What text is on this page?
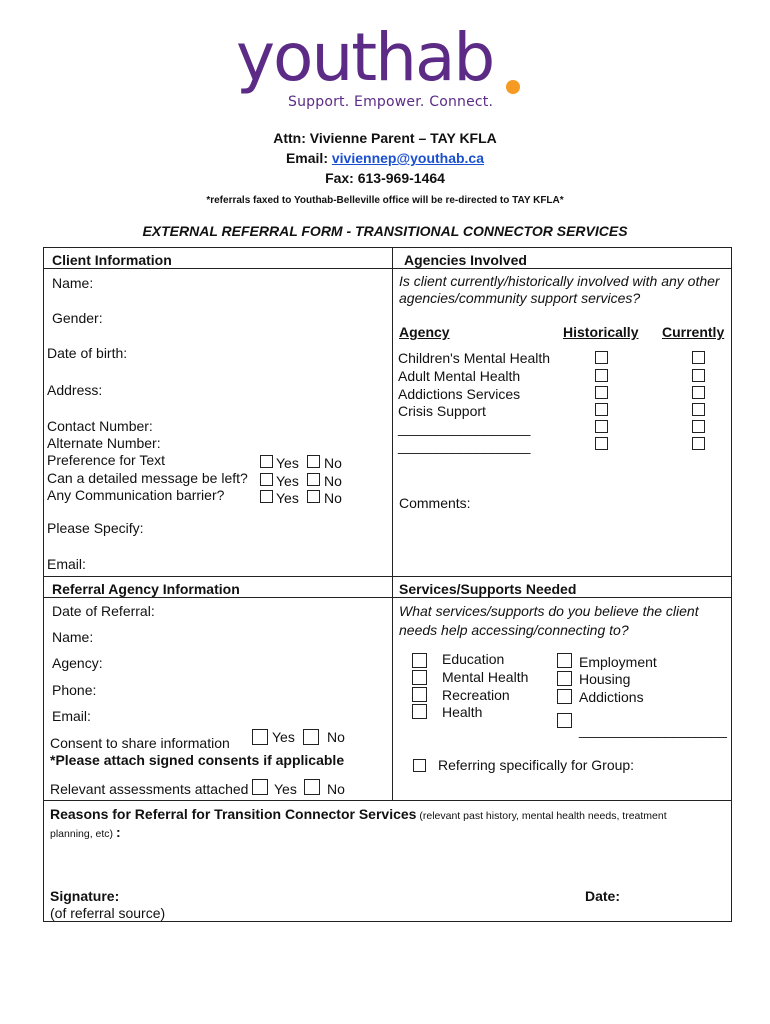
youthab
Support. Empower. Connect.
Attn: Vivienne Parent – TAY KFLA
Email: viviennep@youthab.ca
Fax: 613-969-1464
*referrals faxed to Youthab-Belleville office will be re-directed to TAY KFLA*
EXTERNAL REFERRAL FORM - TRANSITIONAL CONNECTOR SERVICES
Client Information
Name:
Gender:
Date of birth:
Address:
Contact Number:
Alternate Number:
Preference for Text
Can a detailed message be left?
Any Communication barrier?
Yes No
Yes No
Yes No
Please Specify:
Email:
Agencies Involved
Is client currently/historically involved with any other
agencies/community support services?
Agency	Historically Currently
Children's Mental Health
Adult Mental Health
Addictions Services
Crisis Support
_________________
_________________
Comments:
Referral Agency Information
Date of Referral:
Name:
Agency:
Phone:
Email:
Consent to share information	Yes No
*Please attach signed consents if applicable
Relevant assessments attached Yes No
Services/Supports Needed
What services/supports do you believe the client
needs help accessing/connecting to?
Education
Mental Health
Recreation
Health
Employment
Housing
Addictions
___________________
Referring specifically for Group:
Reasons for Referral for Transition Connector Services (relevant past history, mental health needs, treatment
planning, etc) :
Signature:
(of referral source)
Date:
